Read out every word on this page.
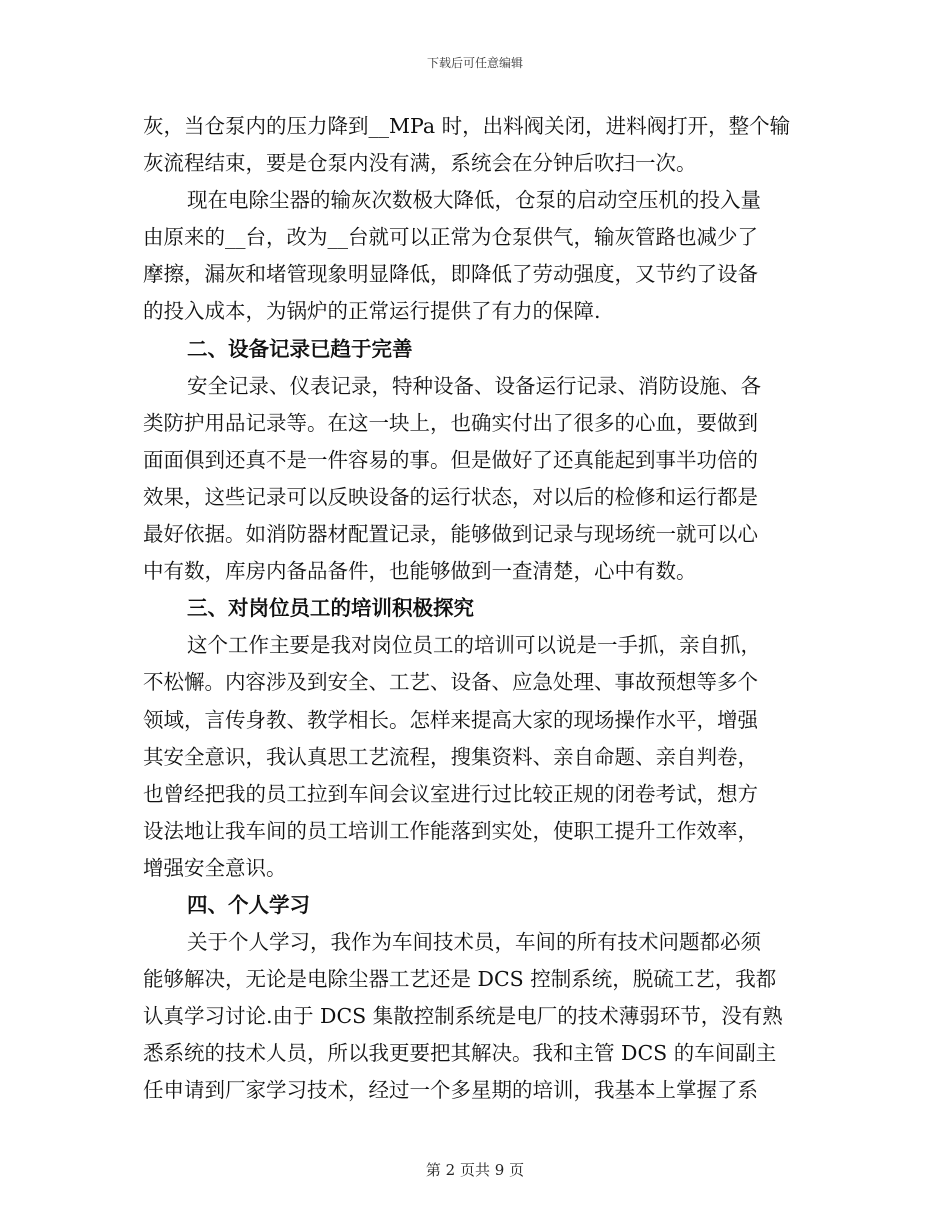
下载后可任意编辑
灰，当仓泵内的压力降到__MPa 时，出料阀关闭，进料阀打开，整个输
灰流程结束，要是仓泵内没有满，系统会在分钟后吹扫一次。
现在电除尘器的输灰次数极大降低，仓泵的启动空压机的投入量
由原来的__台，改为__台就可以正常为仓泵供气，输灰管路也减少了
摩擦，漏灰和堵管现象明显降低，即降低了劳动强度，又节约了设备
的投入成本，为锅炉的正常运行提供了有力的保障.
二、设备记录已趋于完善
安全记录、仪表记录，特种设备、设备运行记录、消防设施、各
类防护用品记录等。在这一块上，也确实付出了很多的心血，要做到
面面俱到还真不是一件容易的事。但是做好了还真能起到事半功倍的
效果，这些记录可以反映设备的运行状态，对以后的检修和运行都是
最好依据。如消防器材配置记录，能够做到记录与现场统一就可以心
中有数，库房内备品备件，也能够做到一查清楚，心中有数。
三、对岗位员工的培训积极探究
这个工作主要是我对岗位员工的培训可以说是一手抓，亲自抓，
不松懈。内容涉及到安全、工艺、设备、应急处理、事故预想等多个
领域，言传身教、教学相长。怎样来提高大家的现场操作水平，增强
其安全意识，我认真思工艺流程，搜集资料、亲自命题、亲自判卷，
也曾经把我的员工拉到车间会议室进行过比较正规的闭卷考试，想方
设法地让我车间的员工培训工作能落到实处，使职工提升工作效率，
增强安全意识。
四、个人学习
关于个人学习，我作为车间技术员，车间的所有技术问题都必须
能够解决，无论是电除尘器工艺还是 DCS 控制系统，脱硫工艺，我都
认真学习讨论.由于 DCS 集散控制系统是电厂的技术薄弱环节，没有熟
悉系统的技术人员，所以我更要把其解决。我和主管 DCS 的车间副主
任申请到厂家学习技术，经过一个多星期的培训，我基本上掌握了系
第 2 页共 9 页
